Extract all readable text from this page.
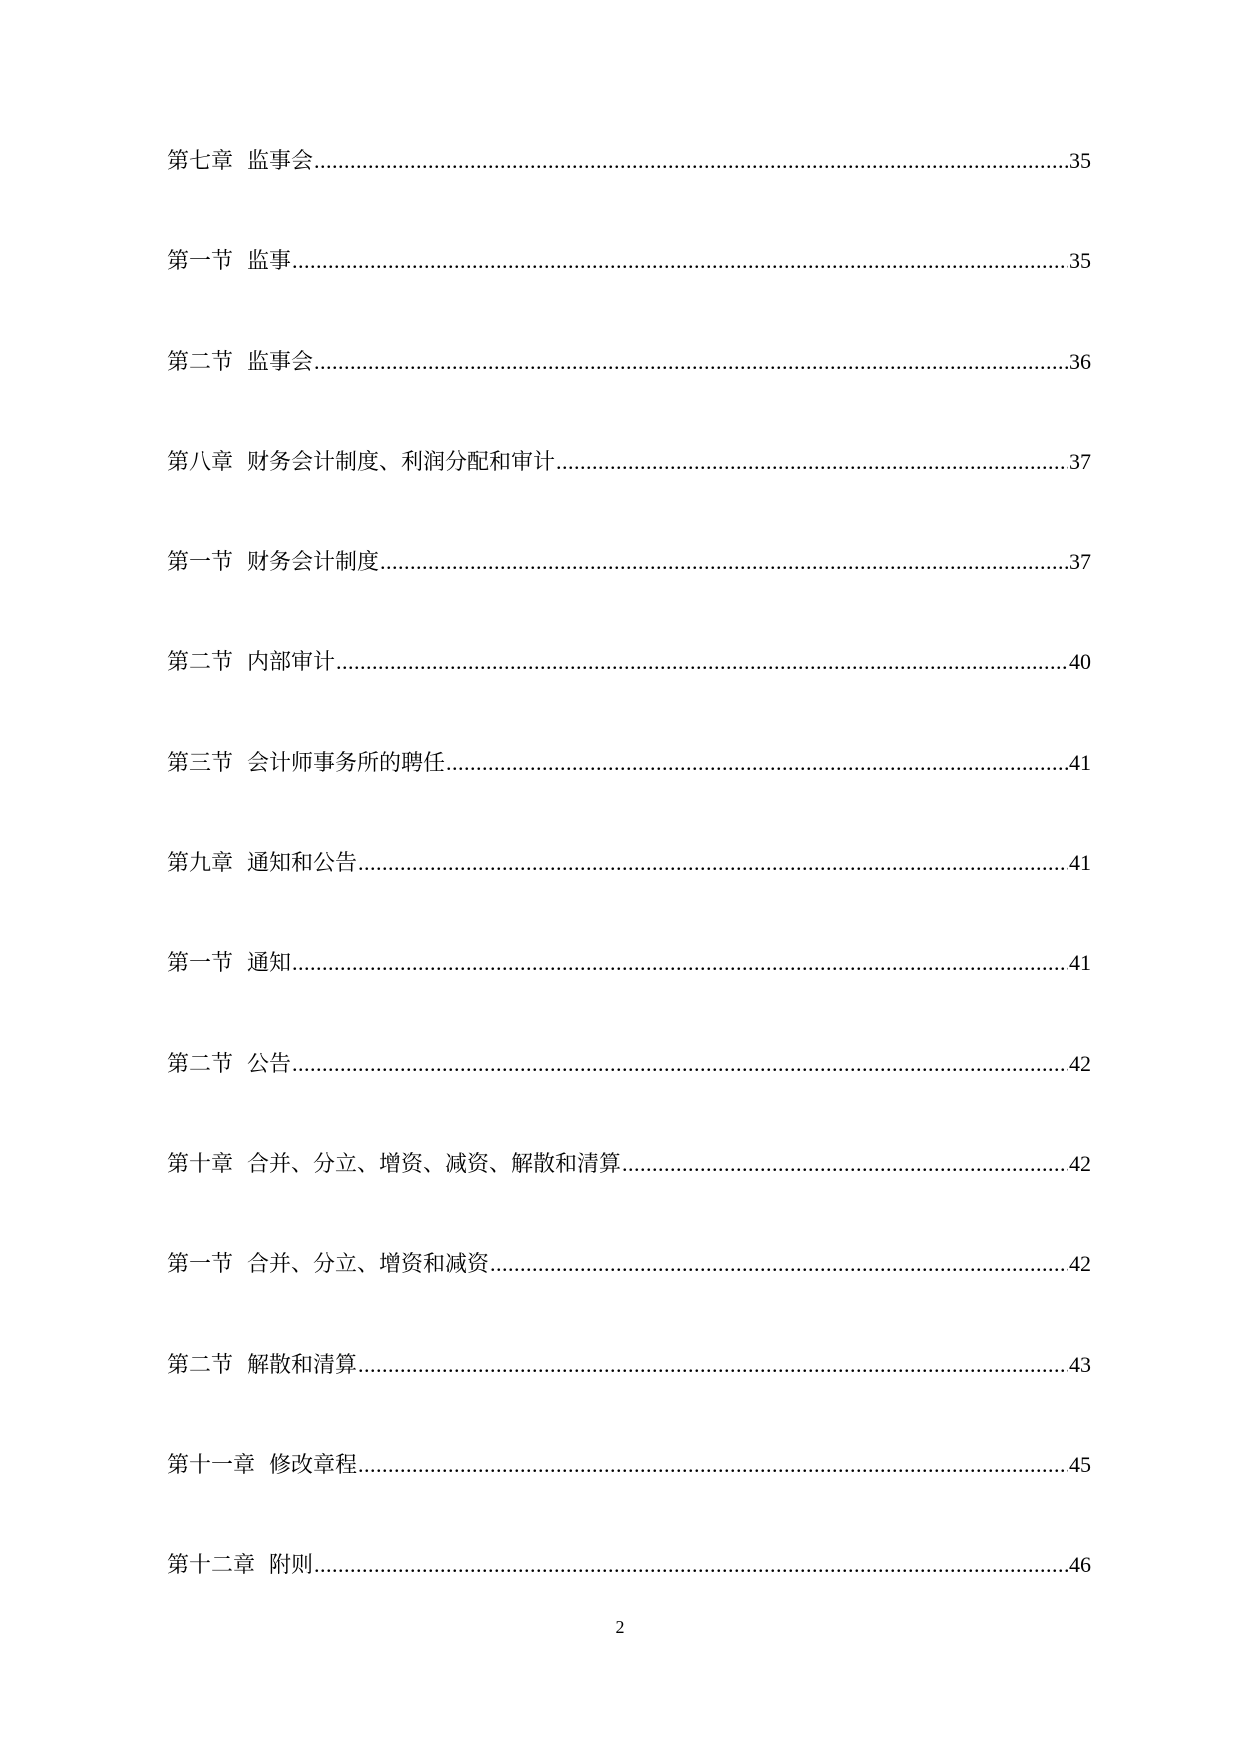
第七章  监事会 .....	35
第一节  监事 .....	35
第二节  监事会 .....	36
第八章  财务会计制度、利润分配和审计 .....	37
第一节  财务会计制度 .....	37
第二节  内部审计 .....	40
第三节  会计师事务所的聘任 .....	41
第九章  通知和公告 .....	41
第一节  通知 .....	41
第二节  公告 .....	42
第十章  合并、分立、增资、减资、解散和清算 .....	42
第一节  合并、分立、增资和减资 .....	42
第二节  解散和清算 .....	43
第十一章  修改章程 .....	45
第十二章  附则 .....	46
2
